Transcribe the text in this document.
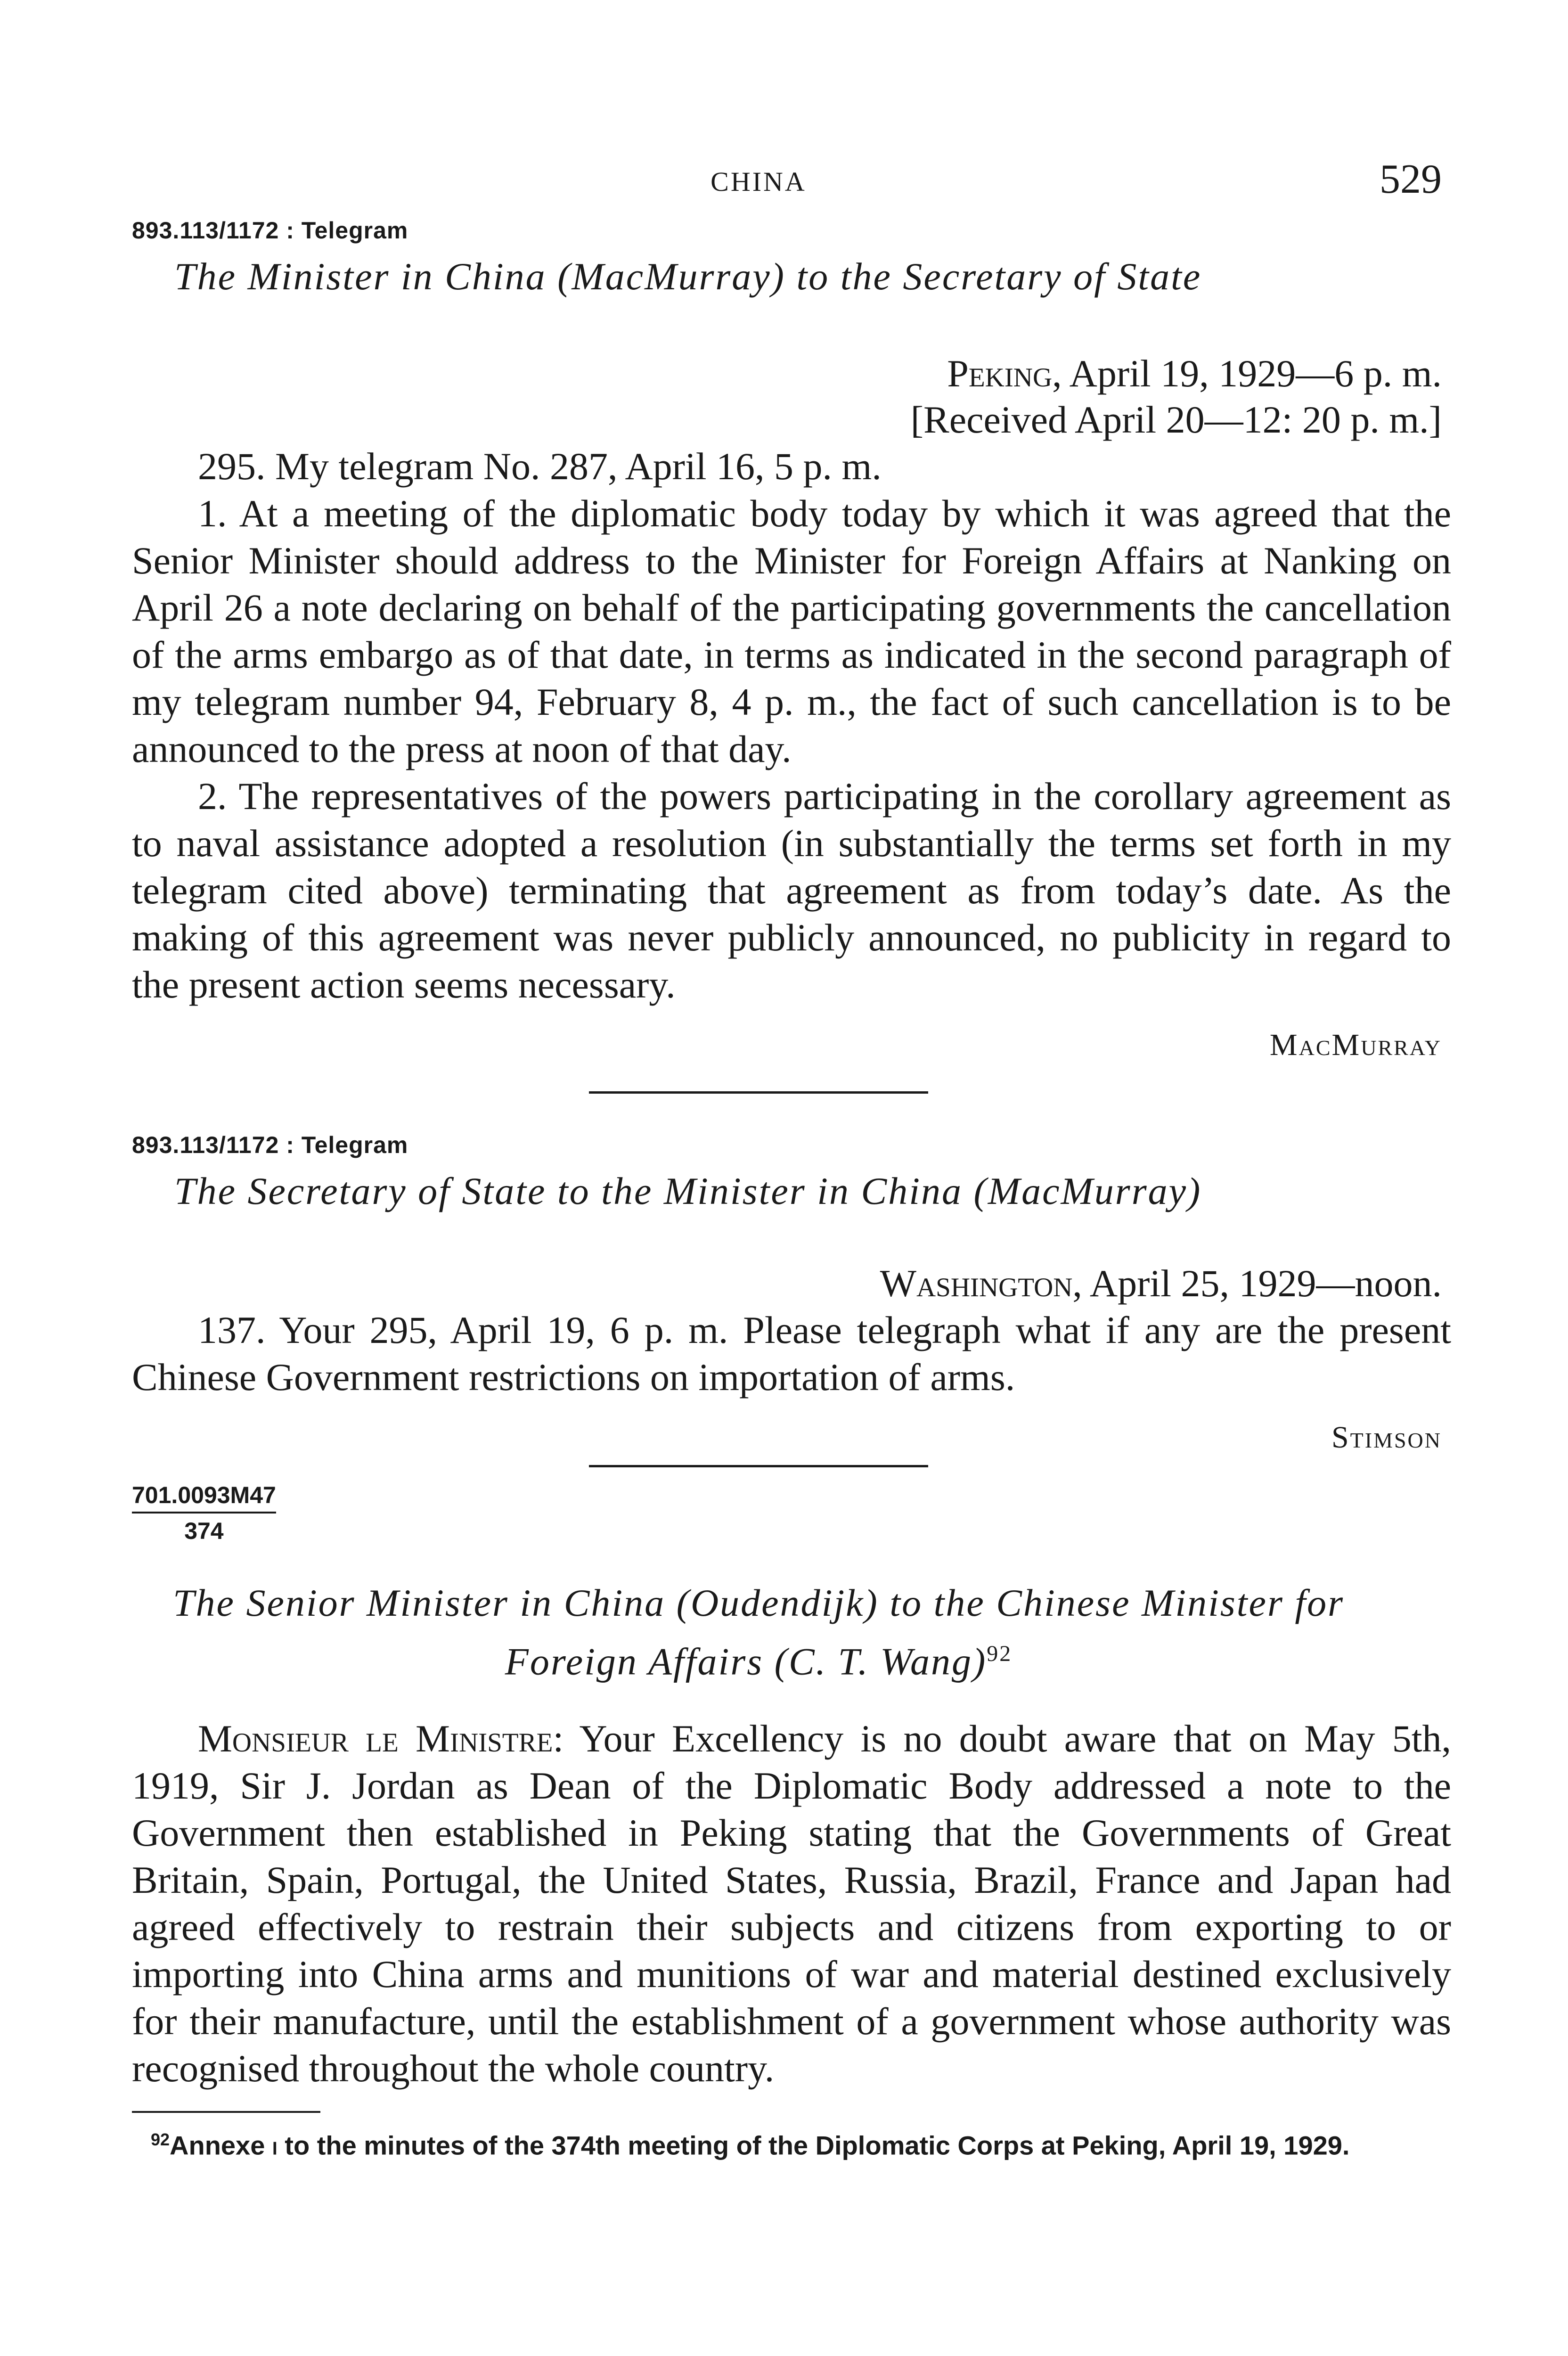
CHINA	529

893.113/1172 : Telegram

The Minister in China (MacMurray) to the Secretary of State
Peking, April 19, 1929—6 p. m.
[Received April 20—12: 20 p. m.]

295. My telegram No. 287, April 16, 5 p. m.

1. At a meeting of the diplomatic body today by which it was agreed that the Senior Minister should address to the Minister for Foreign Affairs at Nanking on April 26 a note declaring on behalf of the participating governments the cancellation of the arms embargo as of that date, in terms as indicated in the second paragraph of my telegram number 94, February 8, 4 p. m., the fact of such cancellation is to be announced to the press at noon of that day.

2. The representatives of the powers participating in the corollary agreement as to naval assistance adopted a resolution (in substantially the terms set forth in my telegram cited above) terminating that agreement as from today’s date. As the making of this agreement was never publicly announced, no publicity in regard to the present action seems necessary.

MacMurray

893.113/1172 : Telegram

The Secretary of State to the Minister in China (MacMurray)
Washington, April 25, 1929—noon.

137. Your 295, April 19, 6 p. m. Please telegraph what if any are the present Chinese Government restrictions on importation of arms.

Stimson
$\frac{701.0093M47}{374}$
The Senior Minister in China (Oudendijk) to the Chinese Minister for
Foreign Affairs (C. T. Wang)$^{92}$

Monsieur le Ministre: Your Excellency is no doubt aware that on May 5th, 1919, Sir J. Jordan as Dean of the Diplomatic Body addressed a note to the Government then established in Peking stating that the Governments of Great Britain, Spain, Portugal, the United States, Russia, Brazil, France and Japan had agreed effectively to restrain their subjects and citizens from exporting to or importing into China arms and munitions of war and material destined exclusively for their manufacture, until the establishment of a government whose authority was recognised throughout the whole country.

$^{92}$Annexe i to the minutes of the 374th meeting of the Diplomatic Corps at Peking, April 19, 1929.
